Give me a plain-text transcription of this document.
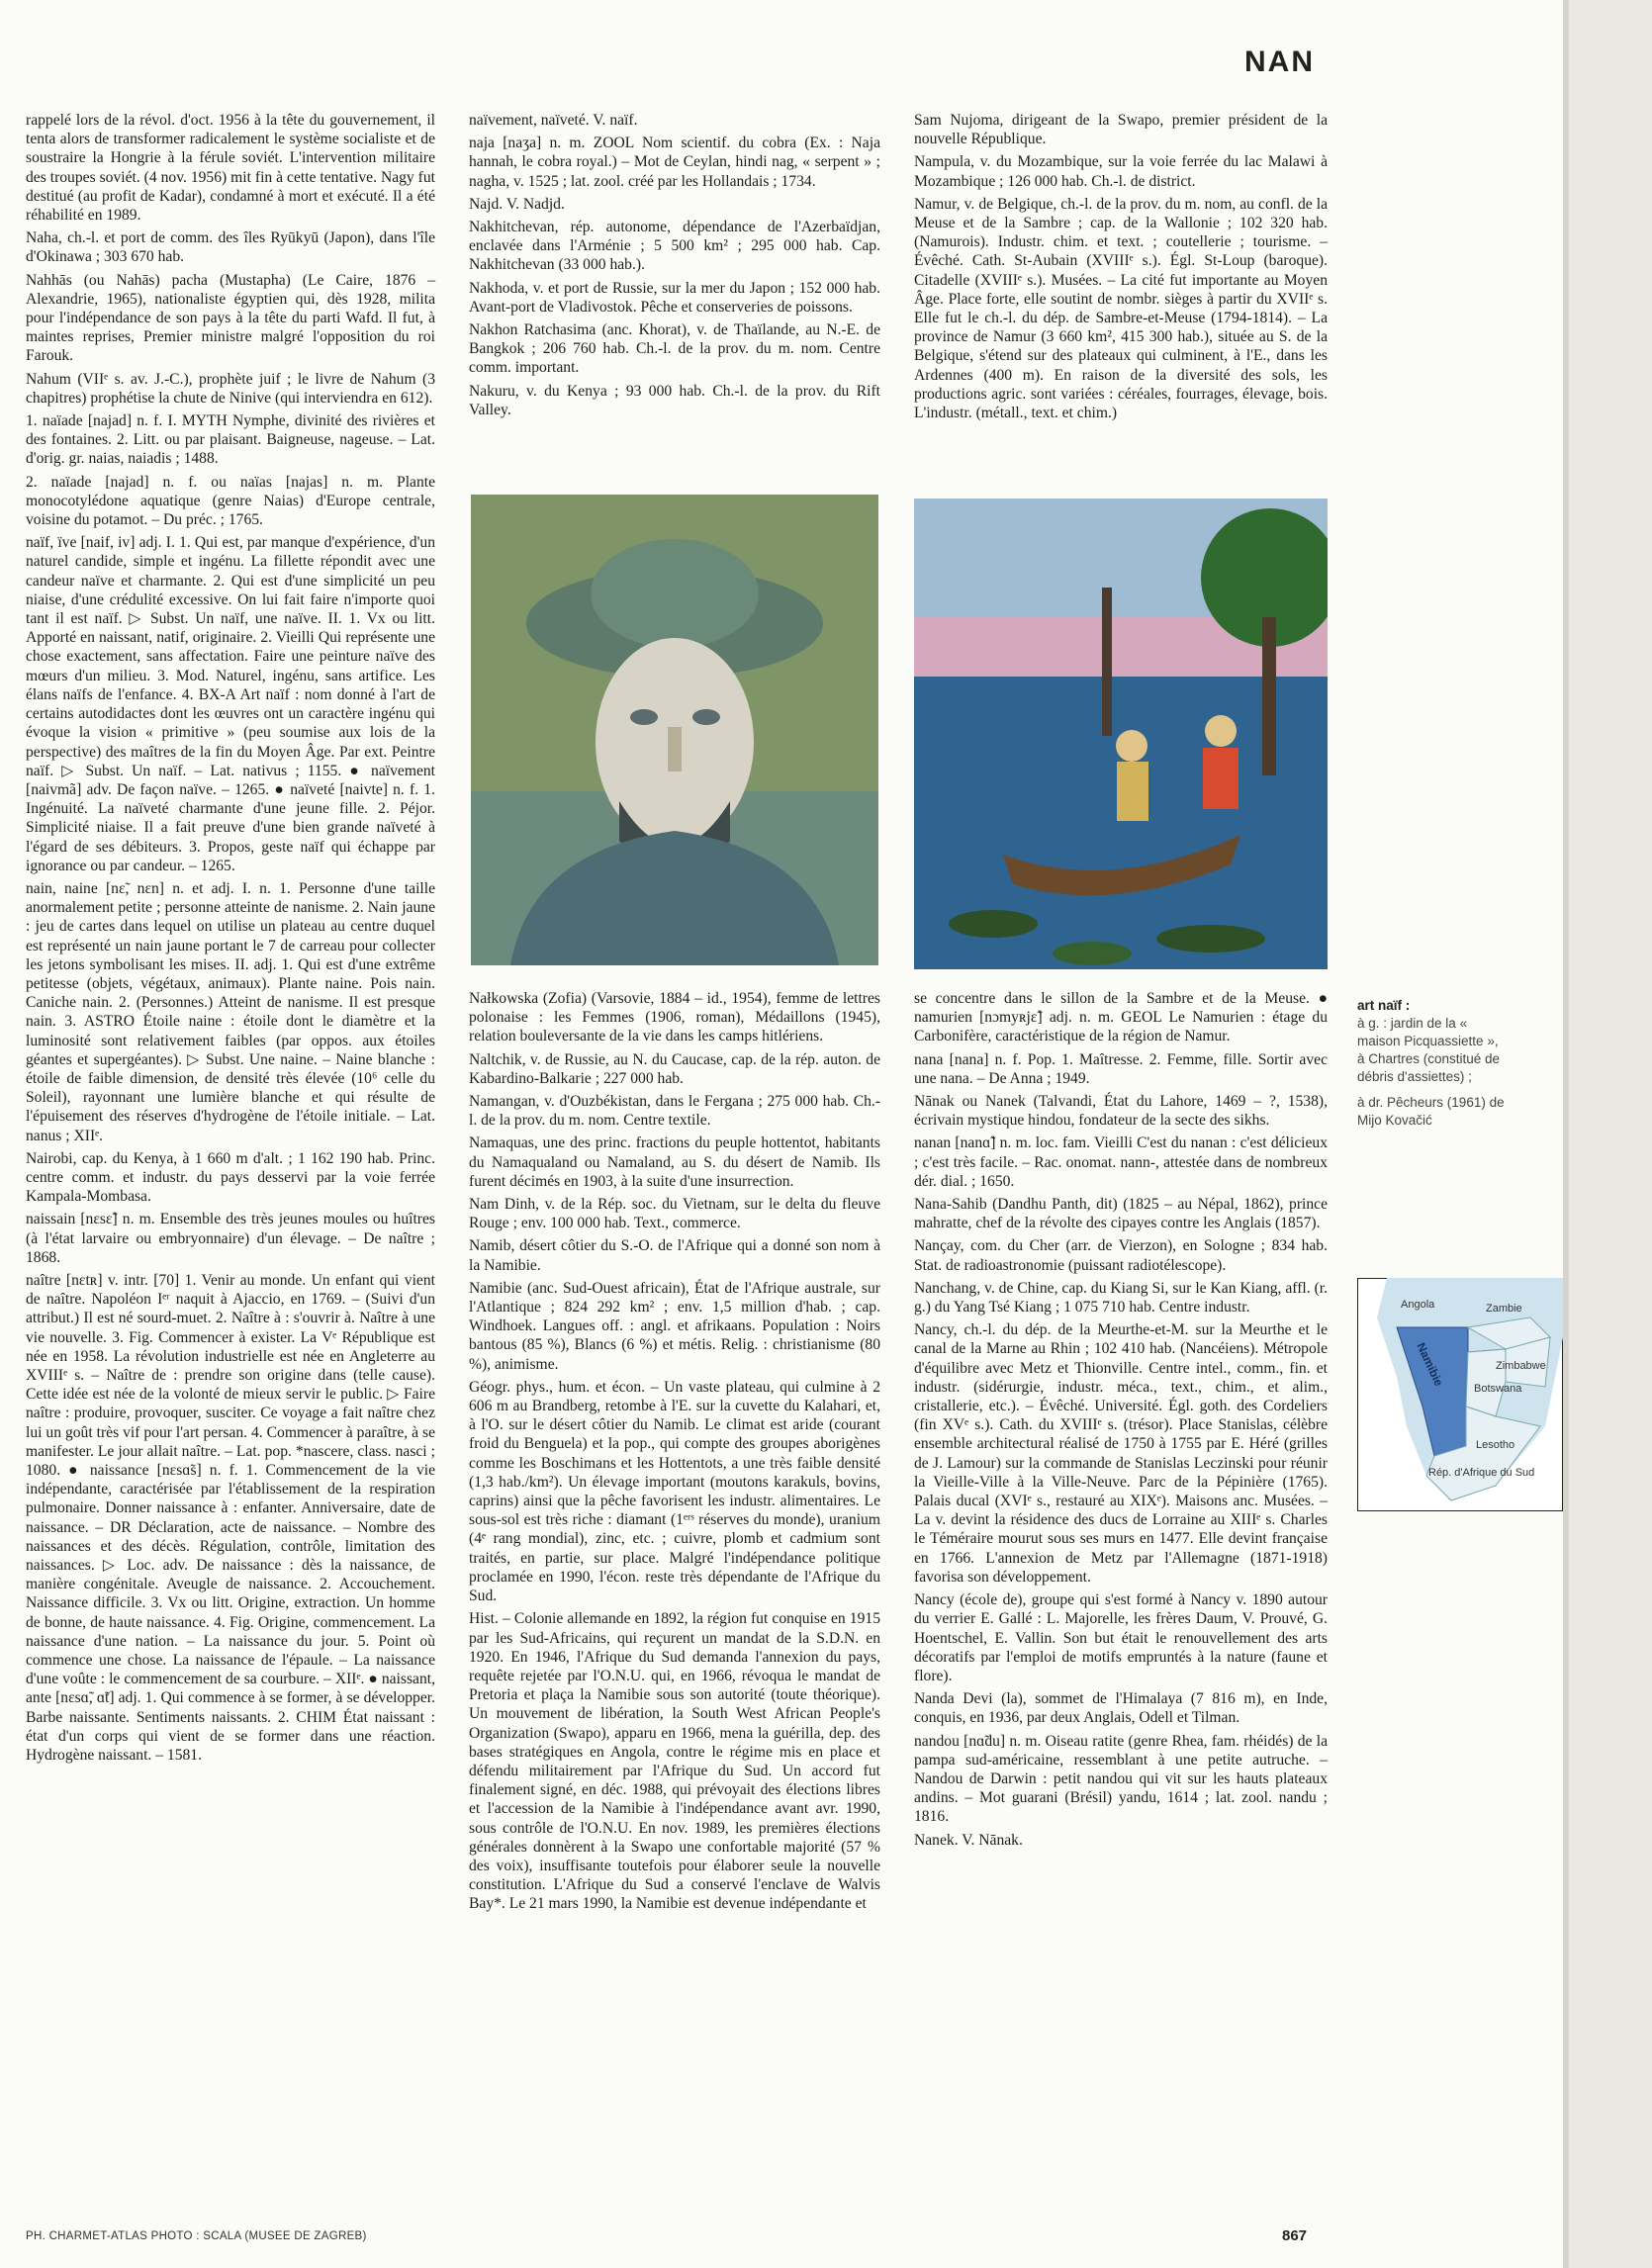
NAN

rappelé lors de la révol. d'oct. 1956 à la tête du gouvernement, il tenta alors de transformer radicalement le système socialiste et de soustraire la Hongrie à la férule soviét. L'intervention militaire des troupes soviét. (4 nov. 1956) mit fin à cette tentative. Nagy fut destitué (au profit de Kadar), condamné à mort et exécuté. Il a été réhabilité en 1989.

Naha, ch.-l. et port de comm. des îles Ryūkyū (Japon), dans l'île d'Okinawa ; 303 670 hab.

Nahhās (ou Nahās) pacha (Mustapha) (Le Caire, 1876 – Alexandrie, 1965), nationaliste égyptien qui, dès 1928, milita pour l'indépendance de son pays à la tête du parti Wafd. Il fut, à maintes reprises, Premier ministre malgré l'opposition du roi Farouk.

Nahum (VIIᵉ s. av. J.-C.), prophète juif ; le livre de Nahum (3 chapitres) prophétise la chute de Ninive (qui interviendra en 612).

1. naïade [najad] n. f. I. MYTH Nymphe, divinité des rivières et des fontaines. 2. Litt. ou par plaisant. Baigneuse, nageuse. – Lat. d'orig. gr. naias, naiadis ; 1488.

2. naïade [najad] n. f. ou naïas [najas] n. m. Plante monocotylédone aquatique (genre Naias) d'Europe centrale, voisine du potamot. – Du préc. ; 1765.

naïf, ïve [naif, iv] adj. I. 1. Qui est, par manque d'expérience, d'un naturel candide, simple et ingénu. La fillette répondit avec une candeur naïve et charmante. 2. Qui est d'une simplicité un peu niaise, d'une crédulité excessive. On lui fait faire n'importe quoi tant il est naïf. ▷ Subst. Un naïf, une naïve. II. 1. Vx ou litt. Apporté en naissant, natif, originaire. 2. Vieilli Qui représente une chose exactement, sans affectation. Faire une peinture naïve des mœurs d'un milieu. 3. Mod. Naturel, ingénu, sans artifice. Les élans naïfs de l'enfance. 4. BX-A Art naïf : nom donné à l'art de certains autodidactes dont les œuvres ont un caractère ingénu qui évoque la vision « primitive » (peu soumise aux lois de la perspective) des maîtres de la fin du Moyen Âge. Par ext. Peintre naïf. ▷ Subst. Un naïf. – Lat. nativus ; 1155. ● naïvement [naivmã] adv. De façon naïve. – 1265. ● naïveté [naivte] n. f. 1. Ingénuité. La naïveté charmante d'une jeune fille. 2. Péjor. Simplicité niaise. Il a fait preuve d'une bien grande naïveté à l'égard de ses débiteurs. 3. Propos, geste naïf qui échappe par ignorance ou par candeur. – 1265.

nain, naine [nɛ̃, nɛn] n. et adj. I. n. 1. Personne d'une taille anormalement petite ; personne atteinte de nanisme. 2. Nain jaune : jeu de cartes dans lequel on utilise un plateau au centre duquel est représenté un nain jaune portant le 7 de carreau pour collecter les jetons symbolisant les mises. II. adj. 1. Qui est d'une extrême petitesse (objets, végétaux, animaux). Plante naine. Pois nain. Caniche nain. 2. (Personnes.) Atteint de nanisme. Il est presque nain. 3. ASTRO Étoile naine : étoile dont le diamètre et la luminosité sont relativement faibles (par oppos. aux étoiles géantes et supergéantes). ▷ Subst. Une naine. – Naine blanche : étoile de faible dimension, de densité très élevée (10⁶ celle du Soleil), rayonnant une lumière blanche et qui résulte de l'épuisement des réserves d'hydrogène de l'étoile initiale. – Lat. nanus ; XIIᵉ.

Nairobi, cap. du Kenya, à 1 660 m d'alt. ; 1 162 190 hab. Princ. centre comm. et industr. du pays desservi par la voie ferrée Kampala-Mombasa.

naissain [nɛsɛ̃] n. m. Ensemble des très jeunes moules ou huîtres (à l'état larvaire ou embryonnaire) d'un élevage. – De naître ; 1868.

naître [nɛtʀ] v. intr. [70] 1. Venir au monde. Un enfant qui vient de naître. Napoléon Iᵉʳ naquit à Ajaccio, en 1769. – (Suivi d'un attribut.) Il est né sourd-muet. 2. Naître à : s'ouvrir à. Naître à une vie nouvelle. 3. Fig. Commencer à exister. La Vᵉ République est née en 1958. La révolution industrielle est née en Angleterre au XVIIIᵉ s. – Naître de : prendre son origine dans (telle cause). Cette idée est née de la volonté de mieux servir le public. ▷ Faire naître : produire, provoquer, susciter. Ce voyage a fait naître chez lui un goût très vif pour l'art persan. 4. Commencer à paraître, à se manifester. Le jour allait naître. – Lat. pop. *nascere, class. nasci ; 1080. ● naissance [nɛsɑ̃s] n. f. 1. Commencement de la vie indépendante, caractérisée par l'établissement de la respiration pulmonaire. Donner naissance à : enfanter. Anniversaire, date de naissance. – DR Déclaration, acte de naissance. – Nombre des naissances et des décès. Régulation, contrôle, limitation des naissances. ▷ Loc. adv. De naissance : dès la naissance, de manière congénitale. Aveugle de naissance. 2. Accouchement. Naissance difficile. 3. Vx ou litt. Origine, extraction. Un homme de bonne, de haute naissance. 4. Fig. Origine, commencement. La naissance d'une nation. – La naissance du jour. 5. Point où commence une chose. La naissance de l'épaule. – La naissance d'une voûte : le commencement de sa courbure. – XIIᵉ. ● naissant, ante [nɛsɑ̃, ɑ̃t] adj. 1. Qui commence à se former, à se développer. Barbe naissante. Sentiments naissants. 2. CHIM État naissant : état d'un corps qui vient de se former dans une réaction. Hydrogène naissant. – 1581.

naïvement, naïveté. V. naïf.

naja [naʒa] n. m. ZOOL Nom scientif. du cobra (Ex. : Naja hannah, le cobra royal.) – Mot de Ceylan, hindi nag, « serpent » ; nagha, v. 1525 ; lat. zool. créé par les Hollandais ; 1734.

Najd. V. Nadjd.

Nakhitchevan, rép. autonome, dépendance de l'Azerbaïdjan, enclavée dans l'Arménie ; 5 500 km² ; 295 000 hab. Cap. Nakhitchevan (33 000 hab.).

Nakhoda, v. et port de Russie, sur la mer du Japon ; 152 000 hab. Avant-port de Vladivostok. Pêche et conserveries de poissons.

Nakhon Ratchasima (anc. Khorat), v. de Thaïlande, au N.-E. de Bangkok ; 206 760 hab. Ch.-l. de la prov. du m. nom. Centre comm. important.

Nakuru, v. du Kenya ; 93 000 hab. Ch.-l. de la prov. du Rift Valley.

Nałkowska (Zofia) (Varsovie, 1884 – id., 1954), femme de lettres polonaise : les Femmes (1906, roman), Médaillons (1945), relation bouleversante de la vie dans les camps hitlériens.

Naltchik, v. de Russie, au N. du Caucase, cap. de la rép. auton. de Kabardino-Balkarie ; 227 000 hab.

Namangan, v. d'Ouzbékistan, dans le Fergana ; 275 000 hab. Ch.-l. de la prov. du m. nom. Centre textile.

Namaquas, une des princ. fractions du peuple hottentot, habitants du Namaqualand ou Namaland, au S. du désert de Namib. Ils furent décimés en 1903, à la suite d'une insurrection.

Nam Dinh, v. de la Rép. soc. du Vietnam, sur le delta du fleuve Rouge ; env. 100 000 hab. Text., commerce.

Namib, désert côtier du S.-O. de l'Afrique qui a donné son nom à la Namibie.

Namibie (anc. Sud-Ouest africain), État de l'Afrique australe, sur l'Atlantique ; 824 292 km² ; env. 1,5 million d'hab. ; cap. Windhoek. Langues off. : angl. et afrikaans. Population : Noirs bantous (85 %), Blancs (6 %) et métis. Relig. : christianisme (80 %), animisme.

Géogr. phys., hum. et écon. – Un vaste plateau, qui culmine à 2 606 m au Brandberg, retombe à l'E. sur la cuvette du Kalahari, et, à l'O. sur le désert côtier du Namib. Le climat est aride (courant froid du Benguela) et la pop., qui compte des groupes aborigènes comme les Boschimans et les Hottentots, a une très faible densité (1,3 hab./km²). Un élevage important (moutons karakuls, bovins, caprins) ainsi que la pêche favorisent les industr. alimentaires. Le sous-sol est très riche : diamant (1ᵉʳˢ réserves du monde), uranium (4ᵉ rang mondial), zinc, etc. ; cuivre, plomb et cadmium sont traités, en partie, sur place. Malgré l'indépendance politique proclamée en 1990, l'écon. reste très dépendante de l'Afrique du Sud.

Hist. – Colonie allemande en 1892, la région fut conquise en 1915 par les Sud-Africains, qui reçurent un mandat de la S.D.N. en 1920. En 1946, l'Afrique du Sud demanda l'annexion du pays, requête rejetée par l'O.N.U. qui, en 1966, révoqua le mandat de Pretoria et plaça la Namibie sous son autorité (toute théorique). Un mouvement de libération, la South West African People's Organization (Swapo), apparu en 1966, mena la guérilla, dep. des bases stratégiques en Angola, contre le régime mis en place et défendu militairement par l'Afrique du Sud. Un accord fut finalement signé, en déc. 1988, qui prévoyait des élections libres et l'accession de la Namibie à l'indépendance avant avr. 1990, sous contrôle de l'O.N.U. En nov. 1989, les premières élections générales donnèrent à la Swapo une confortable majorité (57 % des voix), insuffisante toutefois pour élaborer seule la nouvelle constitution. L'Afrique du Sud a conservé l'enclave de Walvis Bay*. Le 21 mars 1990, la Namibie est devenue indépendante et

Sam Nujoma, dirigeant de la Swapo, premier président de la nouvelle République.

Nampula, v. du Mozambique, sur la voie ferrée du lac Malawi à Mozambique ; 126 000 hab. Ch.-l. de district.

Namur, v. de Belgique, ch.-l. de la prov. du m. nom, au confl. de la Meuse et de la Sambre ; cap. de la Wallonie ; 102 320 hab. (Namurois). Industr. chim. et text. ; coutellerie ; tourisme. – Évêché. Cath. St-Aubain (XVIIIᵉ s.). Égl. St-Loup (baroque). Citadelle (XVIIIᵉ s.). Musées. – La cité fut importante au Moyen Âge. Place forte, elle soutint de nombr. sièges à partir du XVIIᵉ s. Elle fut le ch.-l. du dép. de Sambre-et-Meuse (1794-1814). – La province de Namur (3 660 km², 415 300 hab.), située au S. de la Belgique, s'étend sur des plateaux qui culminent, à l'E., dans les Ardennes (400 m). En raison de la diversité des sols, les productions agric. sont variées : céréales, fourrages, élevage, bois. L'industr. (métall., text. et chim.)

se concentre dans le sillon de la Sambre et de la Meuse. ● namurien [nɔmyʀjɛ̃] adj. n. m. GEOL Le Namurien : étage du Carbonifère, caractéristique de la région de Namur.

nana [nana] n. f. Pop. 1. Maîtresse. 2. Femme, fille. Sortir avec une nana. – De Anna ; 1949.

Nānak ou Nanek (Talvandi, État du Lahore, 1469 – ?, 1538), écrivain mystique hindou, fondateur de la secte des sikhs.

nanan [nanɑ̃] n. m. loc. fam. Vieilli C'est du nanan : c'est délicieux ; c'est très facile. – Rac. onomat. nann-, attestée dans de nombreux dér. dial. ; 1650.

Nana-Sahib (Dandhu Panth, dit) (1825 – au Népal, 1862), prince mahratte, chef de la révolte des cipayes contre les Anglais (1857).

Nançay, com. du Cher (arr. de Vierzon), en Sologne ; 834 hab. Stat. de radioastronomie (puissant radiotélescope).

Nanchang, v. de Chine, cap. du Kiang Si, sur le Kan Kiang, affl. (r. g.) du Yang Tsé Kiang ; 1 075 710 hab. Centre industr.

Nancy, ch.-l. du dép. de la Meurthe-et-M. sur la Meurthe et le canal de la Marne au Rhin ; 102 410 hab. (Nancéiens). Métropole d'équilibre avec Metz et Thionville. Centre intel., comm., fin. et industr. (sidérurgie, industr. méca., text., chim., et alim., cristallerie, etc.). – Évêché. Université. Égl. goth. des Cordeliers (fin XVᵉ s.). Cath. du XVIIIᵉ s. (trésor). Place Stanislas, célèbre ensemble architectural réalisé de 1750 à 1755 par E. Héré (grilles de J. Lamour) sur la commande de Stanislas Leczinski pour réunir la Vieille-Ville à la Ville-Neuve. Parc de la Pépinière (1765). Palais ducal (XVIᵉ s., restauré au XIXᵉ). Maisons anc. Musées. – La v. devint la résidence des ducs de Lorraine au XIIIᵉ s. Charles le Téméraire mourut sous ses murs en 1477. Elle devint française en 1766. L'annexion de Metz par l'Allemagne (1871-1918) favorisa son développement.

Nancy (école de), groupe qui s'est formé à Nancy v. 1890 autour du verrier E. Gallé : L. Majorelle, les frères Daum, V. Prouvé, G. Hoentschel, E. Vallin. Son but était le renouvellement des arts décoratifs par l'emploi de motifs empruntés à la nature (faune et flore).

Nanda Devi (la), sommet de l'Himalaya (7 816 m), en Inde, conquis, en 1936, par deux Anglais, Odell et Tilman.

nandou [nɑ̃du] n. m. Oiseau ratite (genre Rhea, fam. rhéidés) de la pampa sud-américaine, ressemblant à une petite autruche. – Nandou de Darwin : petit nandou qui vit sur les hauts plateaux andins. – Mot guarani (Brésil) yandu, 1614 ; lat. zool. nandu ; 1816.

Nanek. V. Nānak.

art naïf :
à g. : jardin de la « maison Picquassiette », à Chartres (constitué de débris d'assiettes) ;
à dr. Pêcheurs (1961) de Mijo Kovačić
Angola	Zambie
Zimbabwe
Botswana
Namibie
Lesotho
Rép. d'Afrique du Sud
PH. CHARMET-ATLAS PHOTO : SCALA (MUSEE DE ZAGREB)	867
